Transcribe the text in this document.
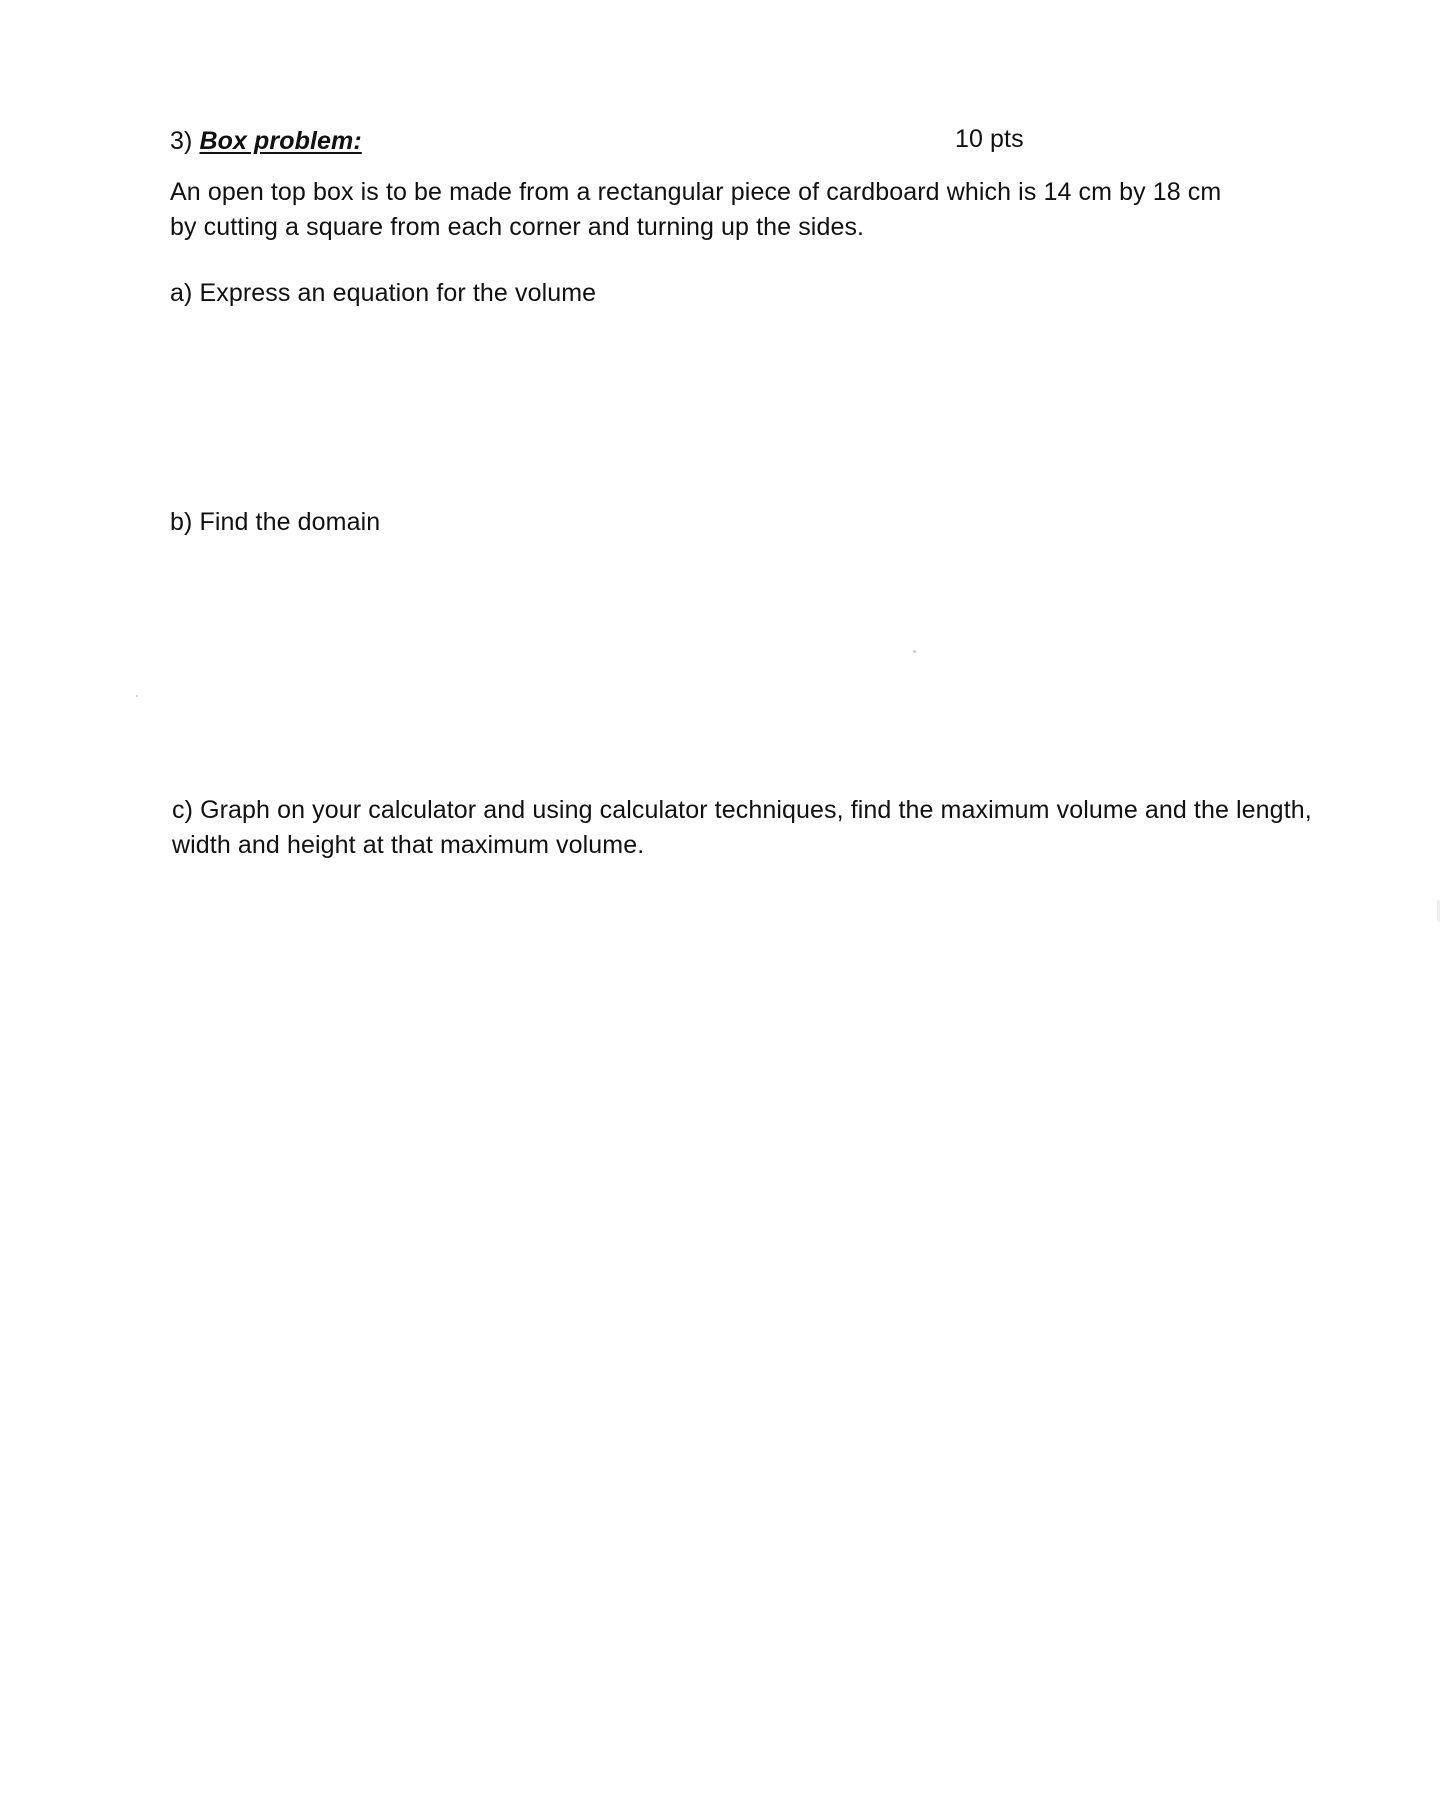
3) Box problem:	10 pts
An open top box is to be made from a rectangular piece of cardboard which is 14 cm by 18 cm
by cutting a square from each corner and turning up the sides.
a) Express an equation for the volume
b) Find the domain
c) Graph on your calculator and using calculator techniques, find the maximum volume and the length,
width and height at that maximum volume.
